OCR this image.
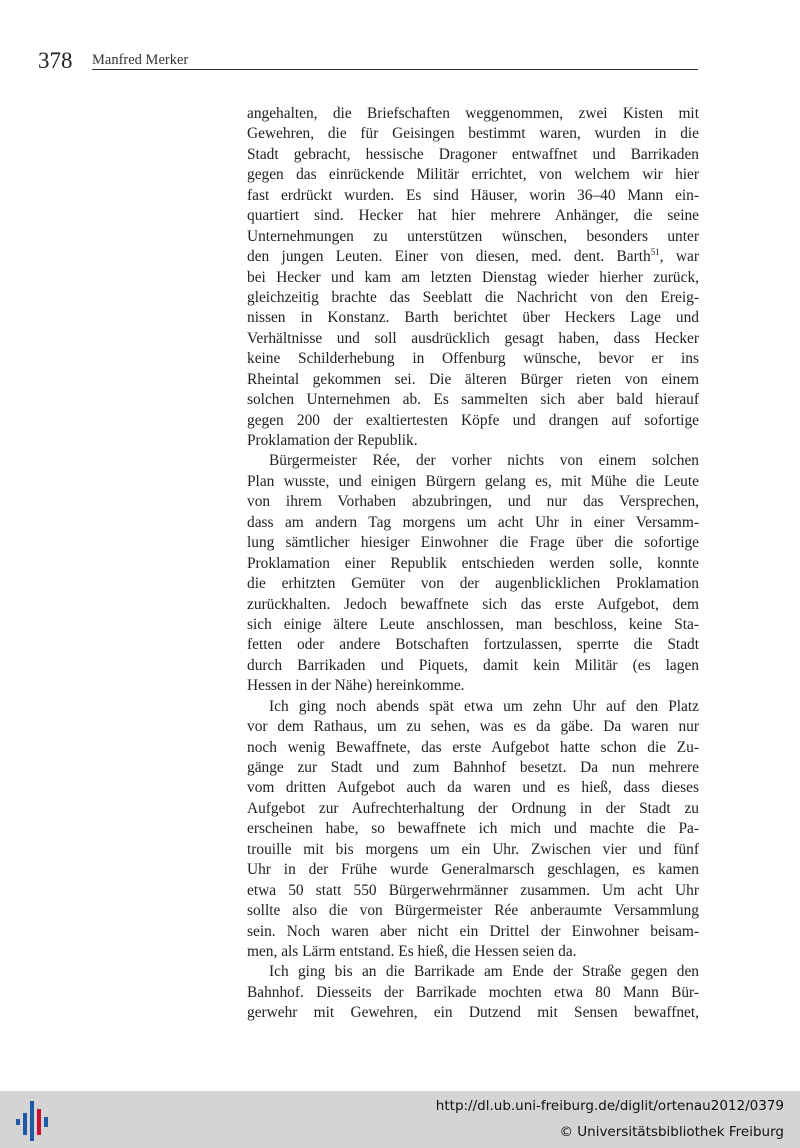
378 Manfred Merker
angehalten, die Briefschaften weggenommen, zwei Kisten mit
Gewehren, die für Geisingen bestimmt waren, wurden in die
Stadt gebracht, hessische Dragoner entwaffnet und Barrikaden
gegen das einrückende Militär errichtet, von welchem wir hier
fast erdrückt wurden. Es sind Häuser, worin 36–40 Mann ein-
quartiert sind. Hecker hat hier mehrere Anhänger, die seine
Unternehmungen zu unterstützen wünschen, besonders unter
den jungen Leuten. Einer von diesen, med. dent. Barth$^{51}$, war
bei Hecker und kam am letzten Dienstag wieder hierher zurück,
gleichzeitig brachte das Seeblatt die Nachricht von den Ereig-
nissen in Konstanz. Barth berichtet über Heckers Lage und
Verhältnisse und soll ausdrücklich gesagt haben, dass Hecker
keine Schilderhebung in Offenburg wünsche, bevor er ins
Rheintal gekommen sei. Die älteren Bürger rieten von einem
solchen Unternehmen ab. Es sammelten sich aber bald hierauf
gegen 200 der exaltiertesten Köpfe und drangen auf sofortige
Proklamation der Republik.
Bürgermeister Rée, der vorher nichts von einem solchen
Plan wusste, und einigen Bürgern gelang es, mit Mühe die Leute
von ihrem Vorhaben abzubringen, und nur das Versprechen,
dass am andern Tag morgens um acht Uhr in einer Versamm-
lung sämtlicher hiesiger Einwohner die Frage über die sofortige
Proklamation einer Republik entschieden werden solle, konnte
die erhitzten Gemüter von der augenblicklichen Proklamation
zurückhalten. Jedoch bewaffnete sich das erste Aufgebot, dem
sich einige ältere Leute anschlossen, man beschloss, keine Sta-
fetten oder andere Botschaften fortzulassen, sperrte die Stadt
durch Barrikaden und Piquets, damit kein Militär (es lagen
Hessen in der Nähe) hereinkomme.
Ich ging noch abends spät etwa um zehn Uhr auf den Platz
vor dem Rathaus, um zu sehen, was es da gäbe. Da waren nur
noch wenig Bewaffnete, das erste Aufgebot hatte schon die Zu-
gänge zur Stadt und zum Bahnhof besetzt. Da nun mehrere
vom dritten Aufgebot auch da waren und es hieß, dass dieses
Aufgebot zur Aufrechterhaltung der Ordnung in der Stadt zu
erscheinen habe, so bewaffnete ich mich und machte die Pa-
trouille mit bis morgens um ein Uhr. Zwischen vier und fünf
Uhr in der Frühe wurde Generalmarsch geschlagen, es kamen
etwa 50 statt 550 Bürgerwehrmänner zusammen. Um acht Uhr
sollte also die von Bürgermeister Rée anberaumte Versammlung
sein. Noch waren aber nicht ein Drittel der Einwohner beisam-
men, als Lärm entstand. Es hieß, die Hessen seien da.
Ich ging bis an die Barrikade am Ende der Straße gegen den
Bahnhof. Diesseits der Barrikade mochten etwa 80 Mann Bür-
gerwehr mit Gewehren, ein Dutzend mit Sensen bewaffnet,
http://dl.ub.uni-freiburg.de/diglit/ortenau2012/0379
© Universitätsbibliothek Freiburg
